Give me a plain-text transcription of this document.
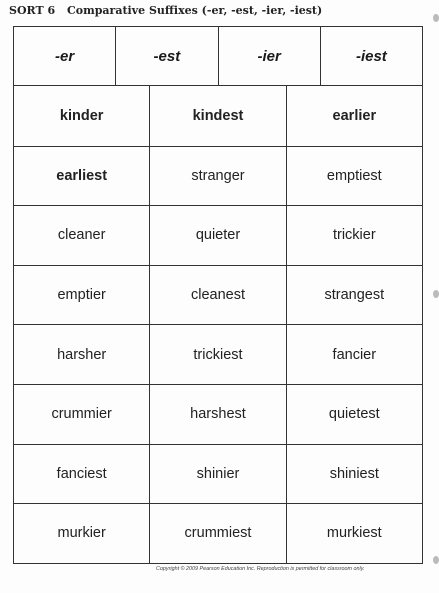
SORT 6 Comparative Suffixes (-er, -est, -ier, -iest)
-er	-est	-ier	-iest
kinder	kindest	earlier
earliest	stranger	emptiest
cleaner	quieter	trickier
emptier	cleanest	strangest
harsher	trickiest	fancier
crummier	harshest	quietest
fanciest	shinier	shiniest
murkier	crummiest	murkiest
Copyright © 2009 Pearson Education Inc. Reproduction is permitted for classroom only.
